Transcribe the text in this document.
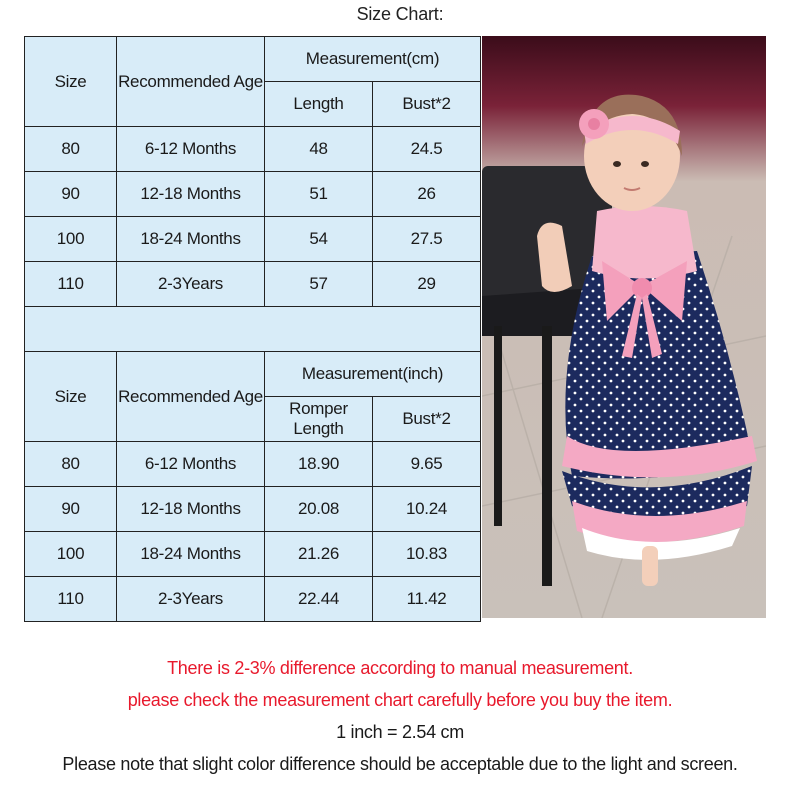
Size Chart:
Size	Recommended Age	Measurement(cm)	
		Length	Bust*2
80	6-12 Months	48	24.5
90	12-18 Months	51	26
100	18-24 Months	54	27.5
110	2-3Years	57	29

Size	Recommended Age	Measurement(inch)	
		Romper Length	Bust*2
80	6-12 Months	18.90	9.65
90	12-18 Months	20.08	10.24
100	18-24 Months	21.26	10.83
110	2-3Years	22.44	11.42
There is 2-3% difference according to manual measurement.
please check the measurement chart carefully before you buy the item.
1 inch = 2.54 cm
Please note that slight color difference should be acceptable due to the light and screen.
